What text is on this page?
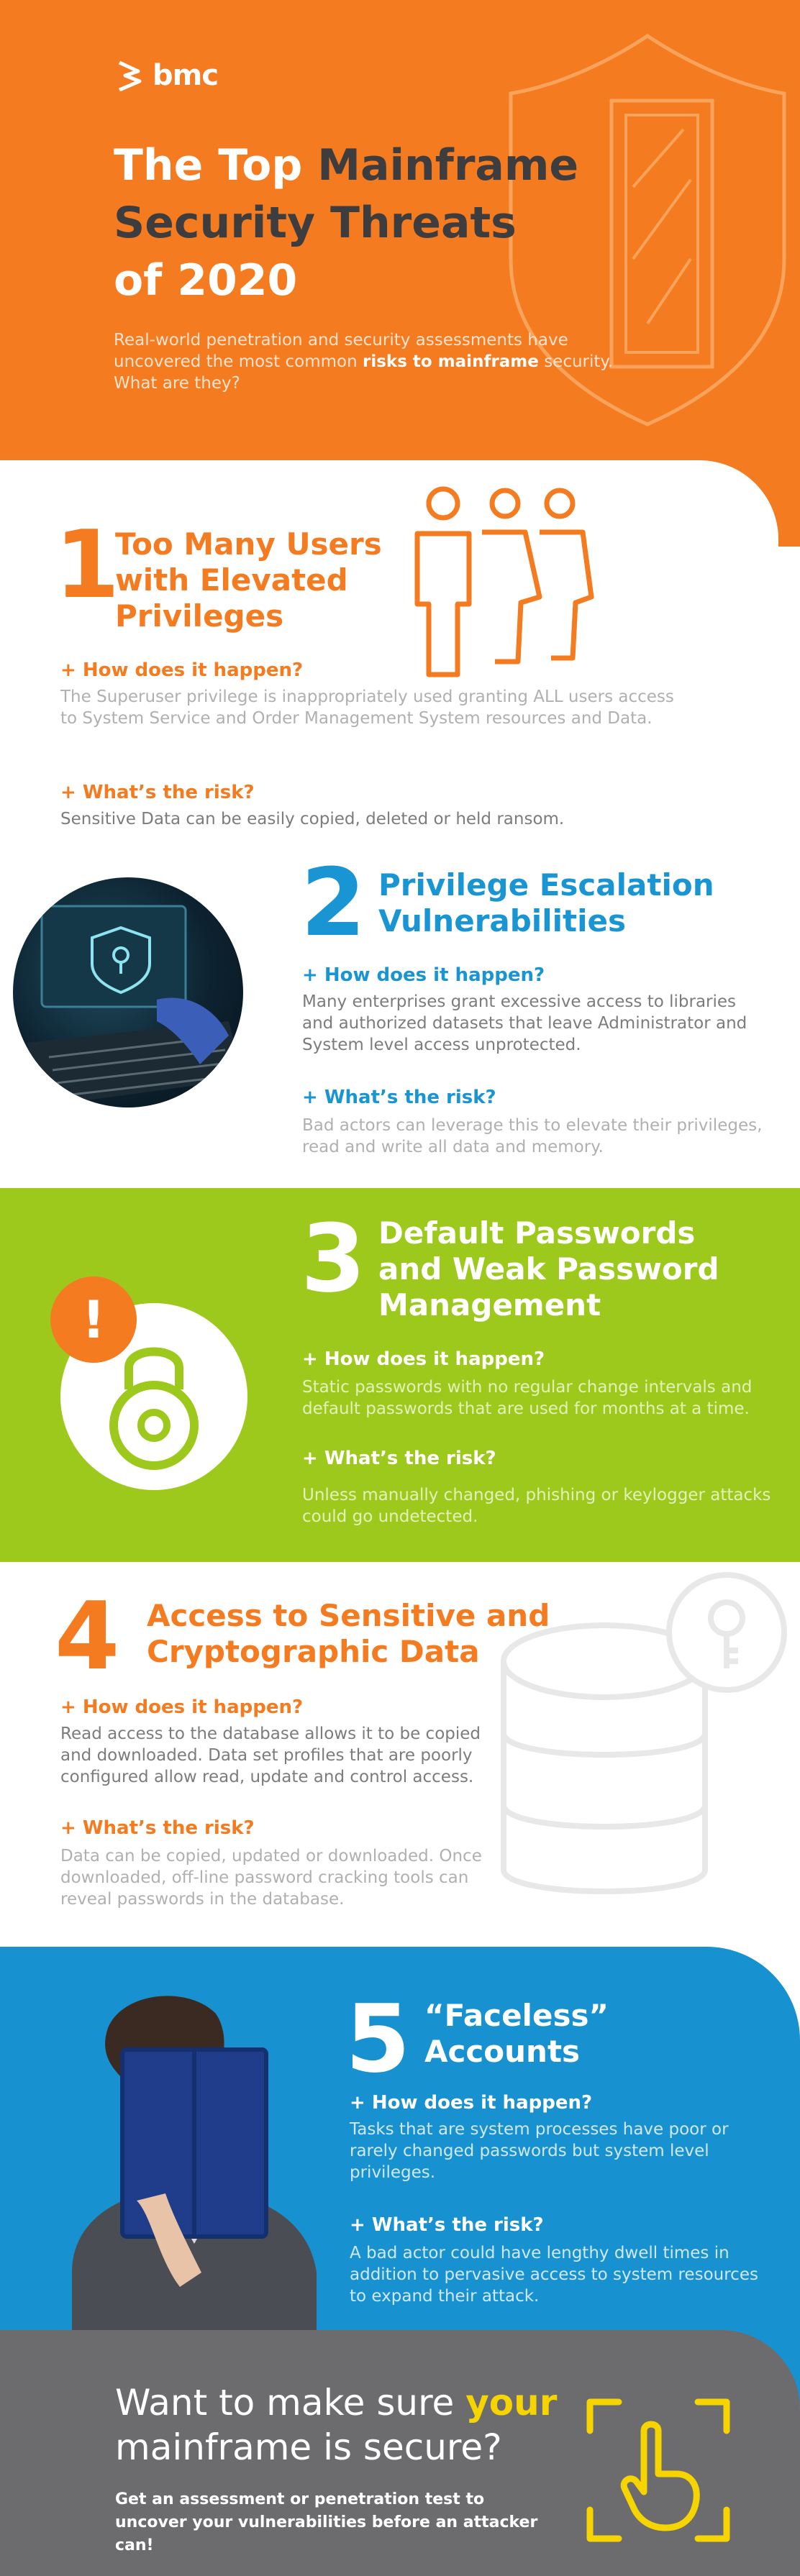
bmc
The Top Mainframe
Security Threats
of 2020
Real-world penetration and security assessments have uncovered the most common risks to mainframe security. What are they?
1
Too Many Users with Elevated Privileges
+ How does it happen?
The Superuser privilege is inappropriately used granting ALL users access to System Service and Order Management System resources and Data.
+ What’s the risk?
Sensitive Data can be easily copied, deleted or held ransom.
2 Privilege Escalation Vulnerabilities
+ How does it happen?
Many enterprises grant excessive access to libraries and authorized datasets that leave Administrator and System level access unprotected.
+ What’s the risk?
Bad actors can leverage this to elevate their privileges, read and write all data and memory.
!
3 Default Passwords and Weak Password Management
+ How does it happen?
Static passwords with no regular change intervals and default passwords that are used for months at a time.
+ What’s the risk?
Unless manually changed, phishing or keylogger attacks could go undetected.
4 Access to Sensitive and Cryptographic Data
+ How does it happen?
Read access to the database allows it to be copied and downloaded. Data set profiles that are poorly configured allow read, update and control access.
+ What’s the risk?
Data can be copied, updated or downloaded. Once downloaded, off-line password cracking tools can reveal passwords in the database.
5 “Faceless” Accounts
+ How does it happen?
Tasks that are system processes have poor or rarely changed passwords but system level privileges.
+ What’s the risk?
A bad actor could have lengthy dwell times in addition to pervasive access to system resources to expand their attack.
Want to make sure your
mainframe is secure?
Get an assessment or penetration test to uncover your vulnerabilities before an attacker can!
